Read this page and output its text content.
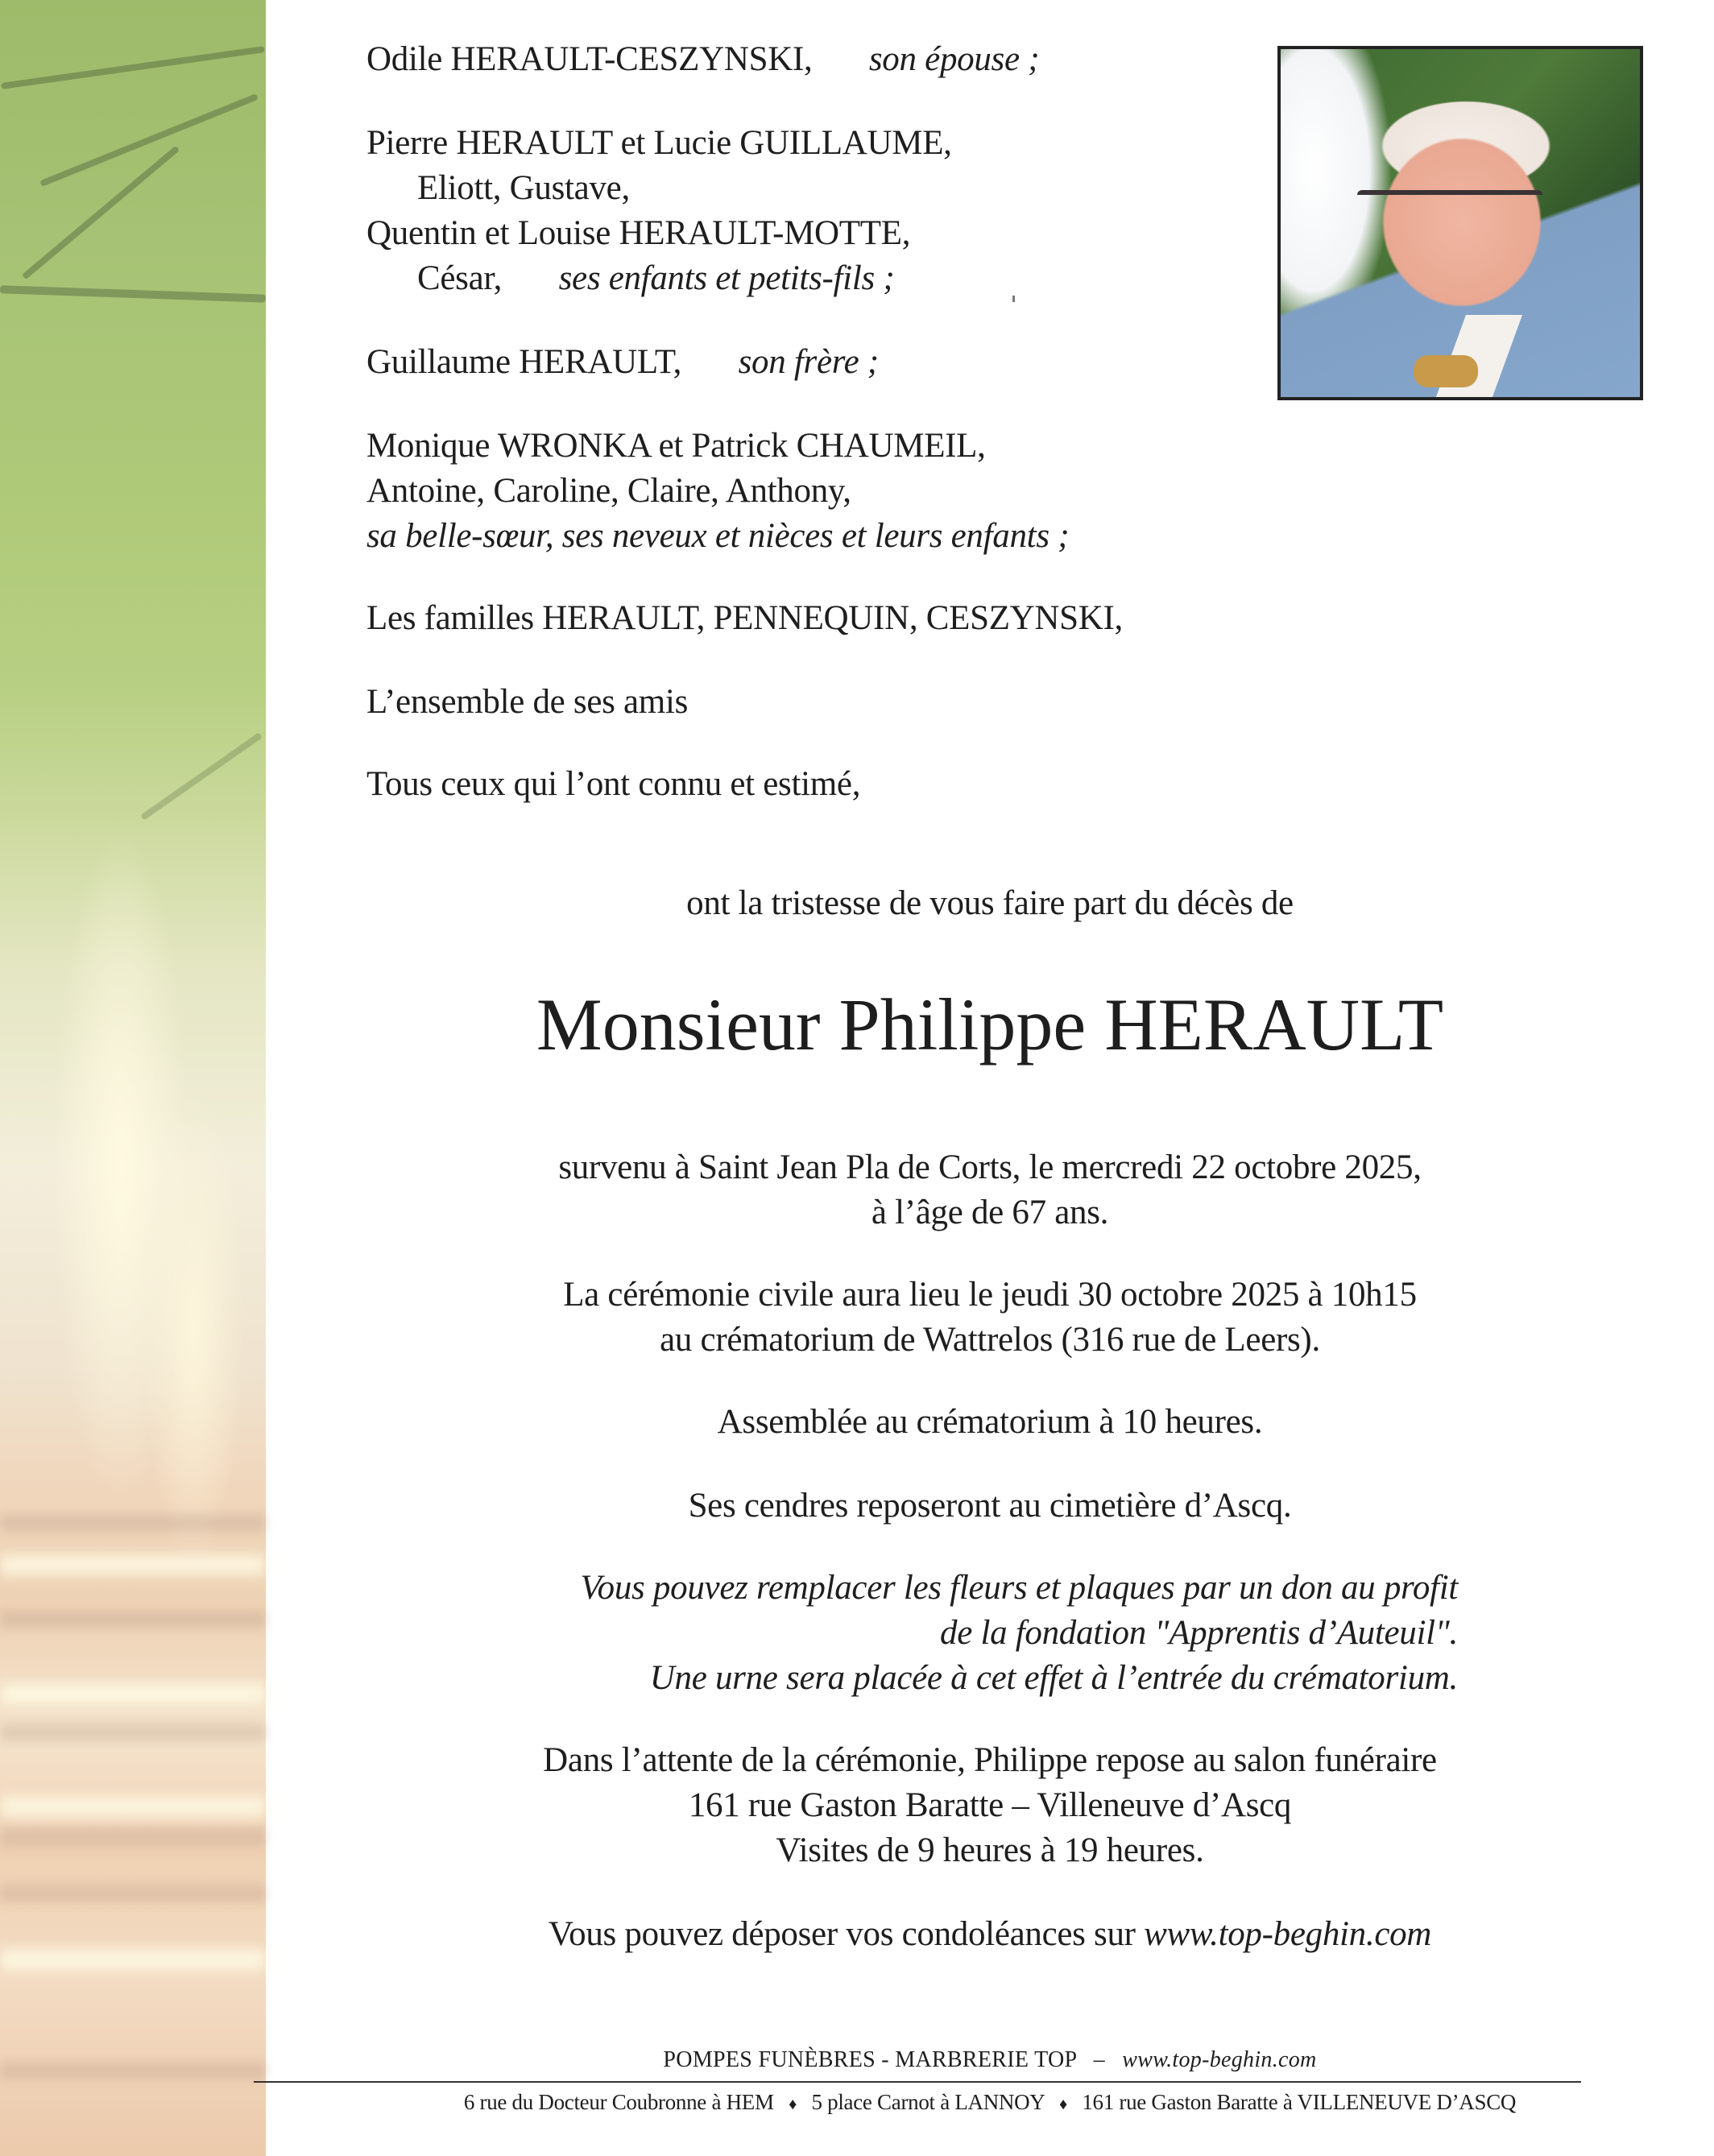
Odile HERAULT-CESZYNSKI, son épouse ;
Pierre HERAULT et Lucie GUILLAUME,
Eliott, Gustave,
Quentin et Louise HERAULT-MOTTE,
César, ses enfants et petits-fils ;
Guillaume HERAULT, son frère ;
Monique WRONKA et Patrick CHAUMEIL,
Antoine, Caroline, Claire, Anthony,
sa belle-sœur, ses neveux et nièces et leurs enfants ;
Les familles HERAULT, PENNEQUIN, CESZYNSKI,
L’ensemble de ses amis
Tous ceux qui l’ont connu et estimé,
ont la tristesse de vous faire part du décès de
Monsieur Philippe HERAULT
survenu à Saint Jean Pla de Corts, le mercredi 22 octobre 2025,
à l’âge de 67 ans.
La cérémonie civile aura lieu le jeudi 30 octobre 2025 à 10h15
au crématorium de Wattrelos (316 rue de Leers).
Assemblée au crématorium à 10 heures.
Ses cendres reposeront au cimetière d’Ascq.
Vous pouvez remplacer les fleurs et plaques par un don au profit
de la fondation "Apprentis d’Auteuil".
Une urne sera placée à cet effet à l’entrée du crématorium.
Dans l’attente de la cérémonie, Philippe repose au salon funéraire
161 rue Gaston Baratte – Villeneuve d’Ascq
Visites de 9 heures à 19 heures.
Vous pouvez déposer vos condoléances sur www.top-beghin.com
POMPES FUNÈBRES - MARBRERIE TOP – www.top-beghin.com
6 rue du Docteur Coubronne à HEM ♦ 5 place Carnot à LANNOY ♦ 161 rue Gaston Baratte à VILLENEUVE D’ASCQ
